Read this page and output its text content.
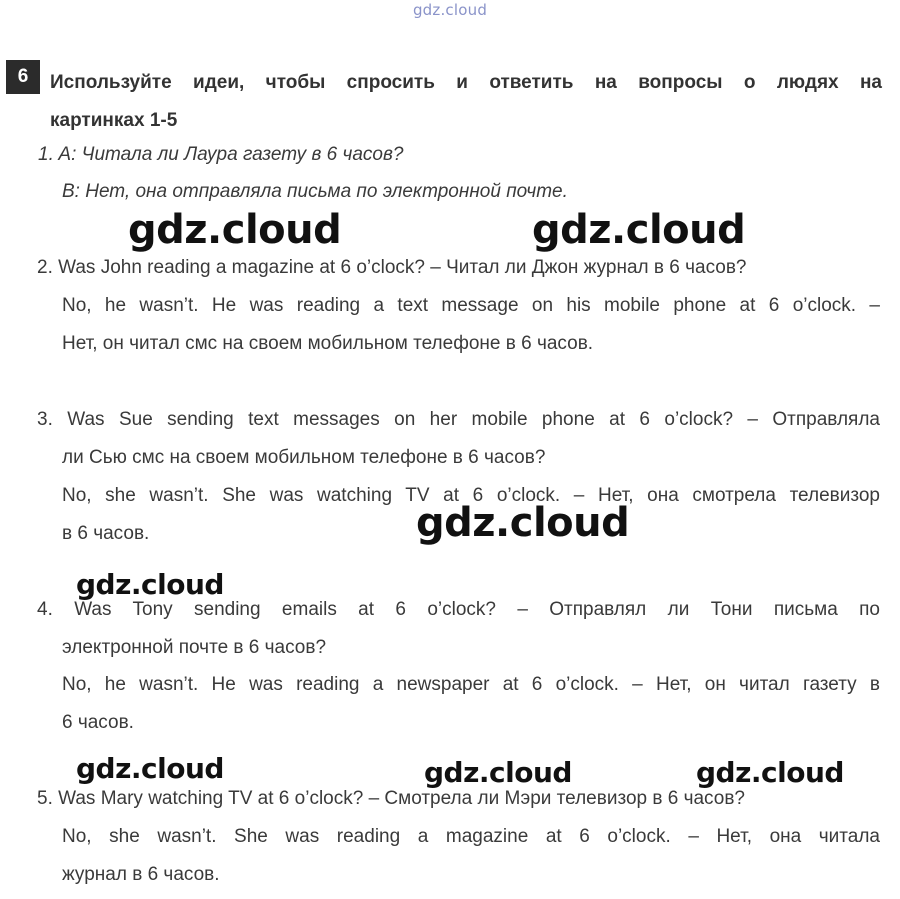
gdz.cloud
6	Используйте идеи, чтобы спросить и ответить на вопросы о людях на
картинках 1-5
1. A: Читала ли Лаура газету в 6 часов?
B: Нет, она отправляла письма по электронной почте.
2. Was John reading a magazine at 6 o’clock? – Читал ли Джон журнал в 6 часов?
No, he wasn’t. He was reading a text message on his mobile phone at 6 o’clock. –
Нет, он читал смс на своем мобильном телефоне в 6 часов.
3. Was Sue sending text messages on her mobile phone at 6 o’clock? – Отправляла
ли Сью смс на своем мобильном телефоне в 6 часов?
No, she wasn’t. She was watching TV at 6 o’clock. – Нет, она смотрела телевизор
в 6 часов.
4. Was Tony sending emails at 6 o’clock? – Отправлял ли Тони письма по
электронной почте в 6 часов?
No, he wasn’t. He was reading a newspaper at 6 o’clock. – Нет, он читал газету в
6 часов.
5. Was Mary watching TV at 6 o’clock? – Смотрела ли Мэри телевизор в 6 часов?
No, she wasn’t. She was reading a magazine at 6 o’clock. – Нет, она читала
журнал в 6 часов.
gdz.cloud	gdz.cloud
gdz.cloud
gdz.cloud
gdz.cloud	gdz.cloud	gdz.cloud
